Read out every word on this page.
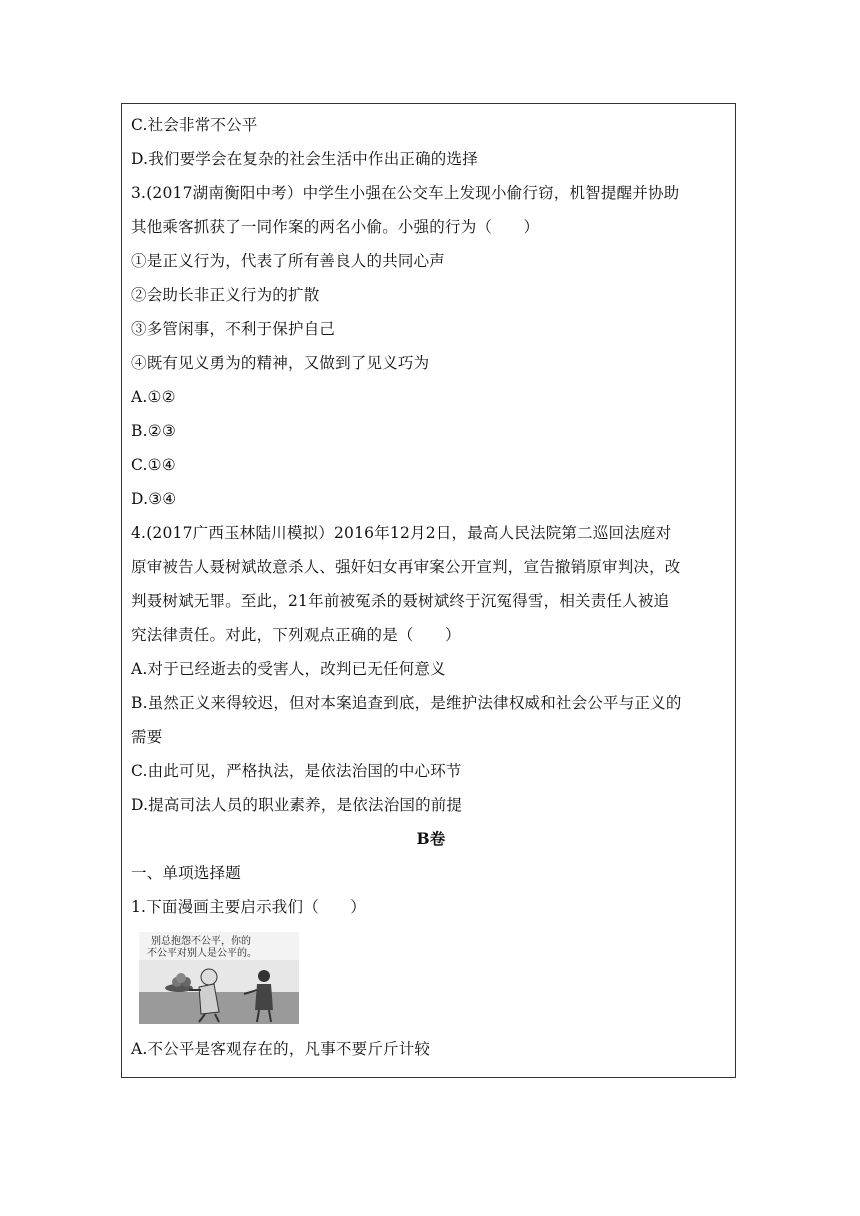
C.社会非常不公平
D.我们要学会在复杂的社会生活中作出正确的选择
3.(2017湖南衡阳中考）中学生小强在公交车上发现小偷行窃，机智提醒并协助
其他乘客抓获了一同作案的两名小偷。小强的行为（　　）
①是正义行为，代表了所有善良人的共同心声
②会助长非正义行为的扩散
③多管闲事，不利于保护自己
④既有见义勇为的精神，又做到了见义巧为
A.①②
B.②③
C.①④
D.③④
4.(2017广西玉林陆川模拟）2016年12月2日，最高人民法院第二巡回法庭对
原审被告人聂树斌故意杀人、强奸妇女再审案公开宣判，宣告撤销原审判决，改
判聂树斌无罪。至此，21年前被冤杀的聂树斌终于沉冤得雪，相关责任人被追
究法律责任。对此，下列观点正确的是（　　）
A.对于已经逝去的受害人，改判已无任何意义
B.虽然正义来得较迟，但对本案追查到底，是维护法律权威和社会公平与正义的
需要
C.由此可见，严格执法，是依法治国的中心环节
D.提高司法人员的职业素养，是依法治国的前提
B卷
一、单项选择题
1.下面漫画主要启示我们（　　）
别总抱怨不公平，你的
不公平对别人是公平的。
A.不公平是客观存在的，凡事不要斤斤计较
